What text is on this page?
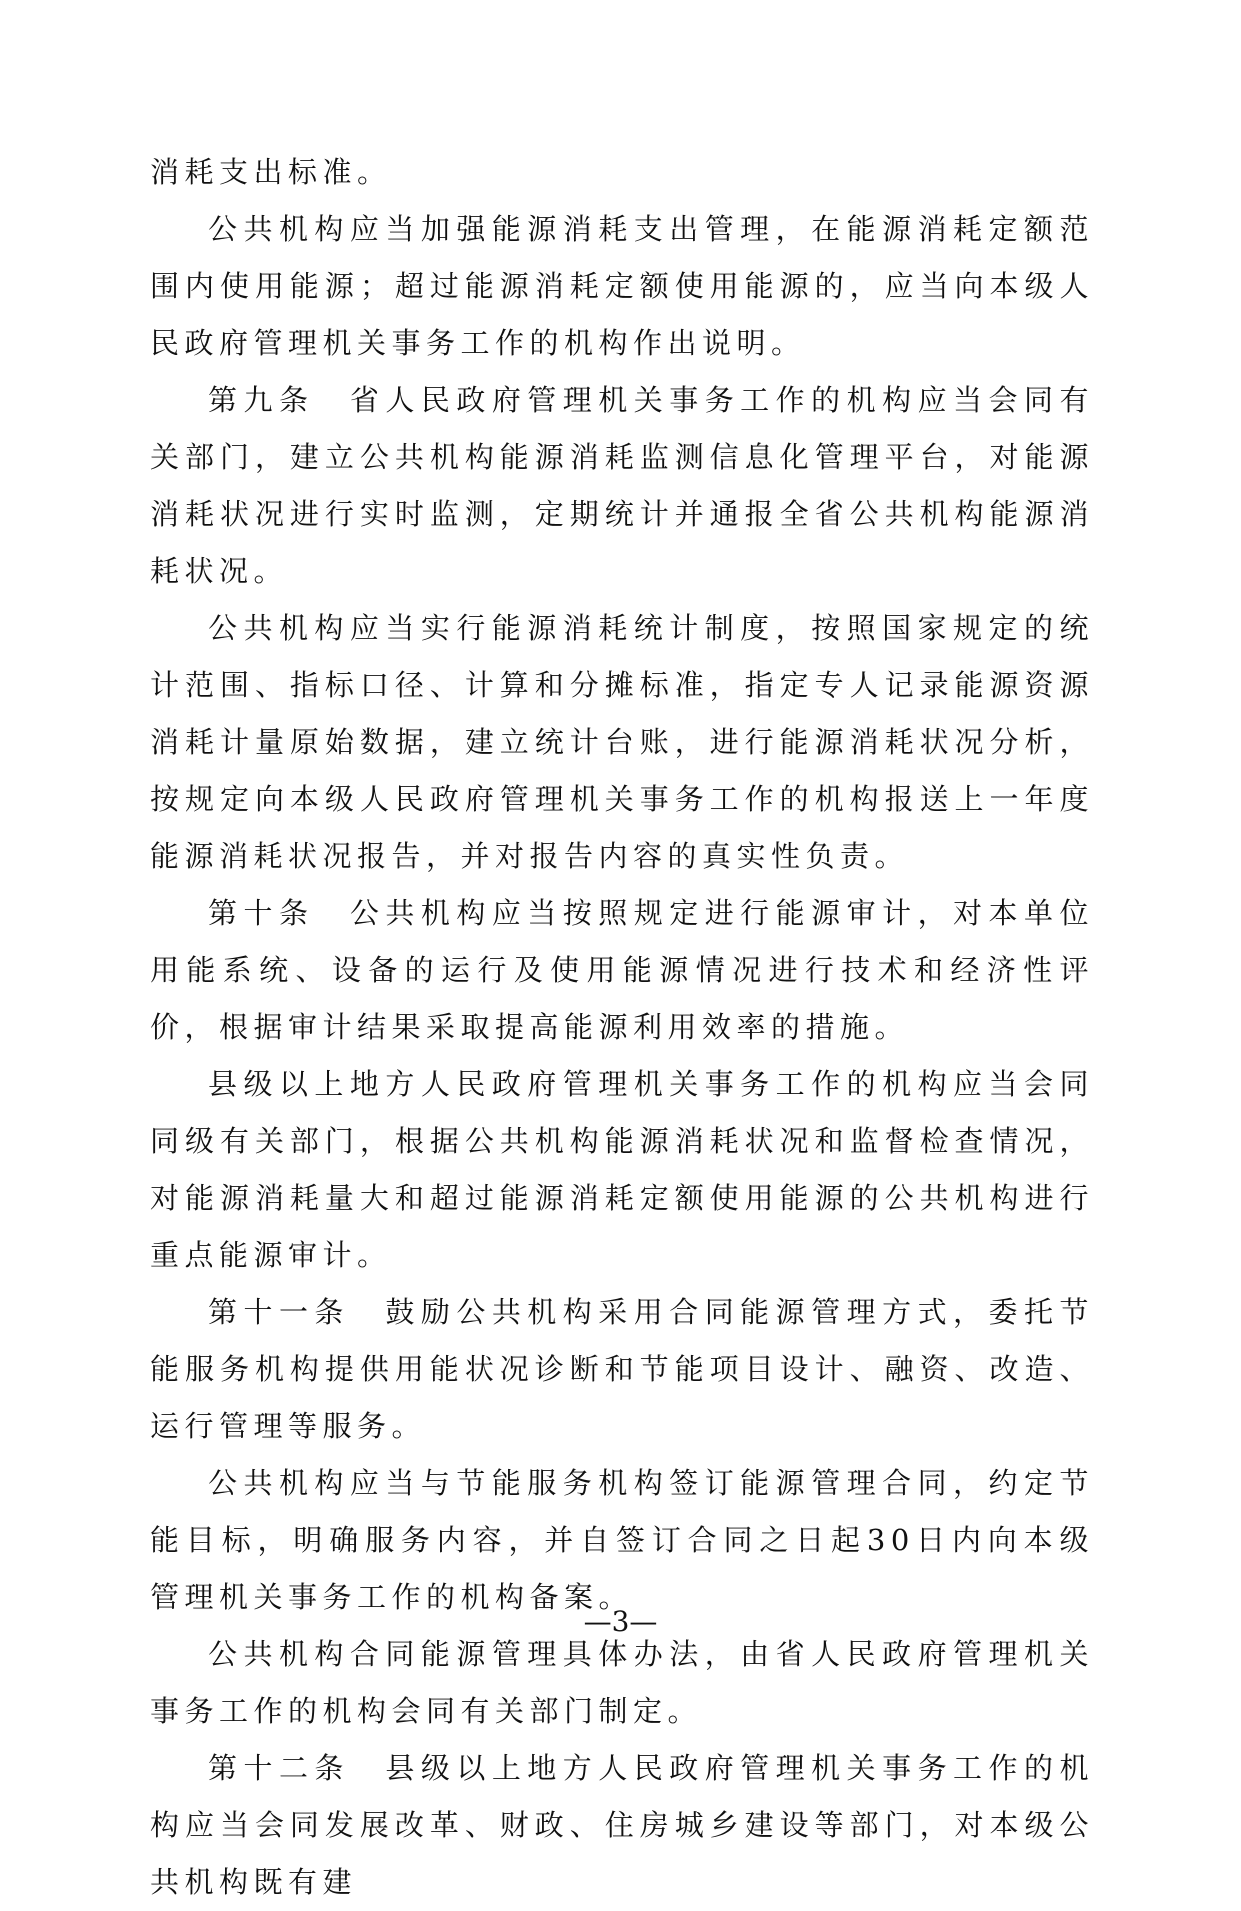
消耗支出标准。

公共机构应当加强能源消耗支出管理，在能源消耗定额范围内使用能源；超过能源消耗定额使用能源的，应当向本级人民政府管理机关事务工作的机构作出说明。

第九条　省人民政府管理机关事务工作的机构应当会同有关部门，建立公共机构能源消耗监测信息化管理平台，对能源消耗状况进行实时监测，定期统计并通报全省公共机构能源消耗状况。

公共机构应当实行能源消耗统计制度，按照国家规定的统计范围、指标口径、计算和分摊标准，指定专人记录能源资源消耗计量原始数据，建立统计台账，进行能源消耗状况分析，按规定向本级人民政府管理机关事务工作的机构报送上一年度能源消耗状况报告，并对报告内容的真实性负责。

第十条　公共机构应当按照规定进行能源审计，对本单位用能系统、设备的运行及使用能源情况进行技术和经济性评价，根据审计结果采取提高能源利用效率的措施。

县级以上地方人民政府管理机关事务工作的机构应当会同同级有关部门，根据公共机构能源消耗状况和监督检查情况，对能源消耗量大和超过能源消耗定额使用能源的公共机构进行重点能源审计。

第十一条　鼓励公共机构采用合同能源管理方式，委托节能服务机构提供用能状况诊断和节能项目设计、融资、改造、运行管理等服务。

公共机构应当与节能服务机构签订能源管理合同，约定节能目标，明确服务内容，并自签订合同之日起30日内向本级管理机关事务工作的机构备案。

公共机构合同能源管理具体办法，由省人民政府管理机关事务工作的机构会同有关部门制定。

第十二条　县级以上地方人民政府管理机关事务工作的机构应当会同发展改革、财政、住房城乡建设等部门，对本级公共机构既有建

—3—
